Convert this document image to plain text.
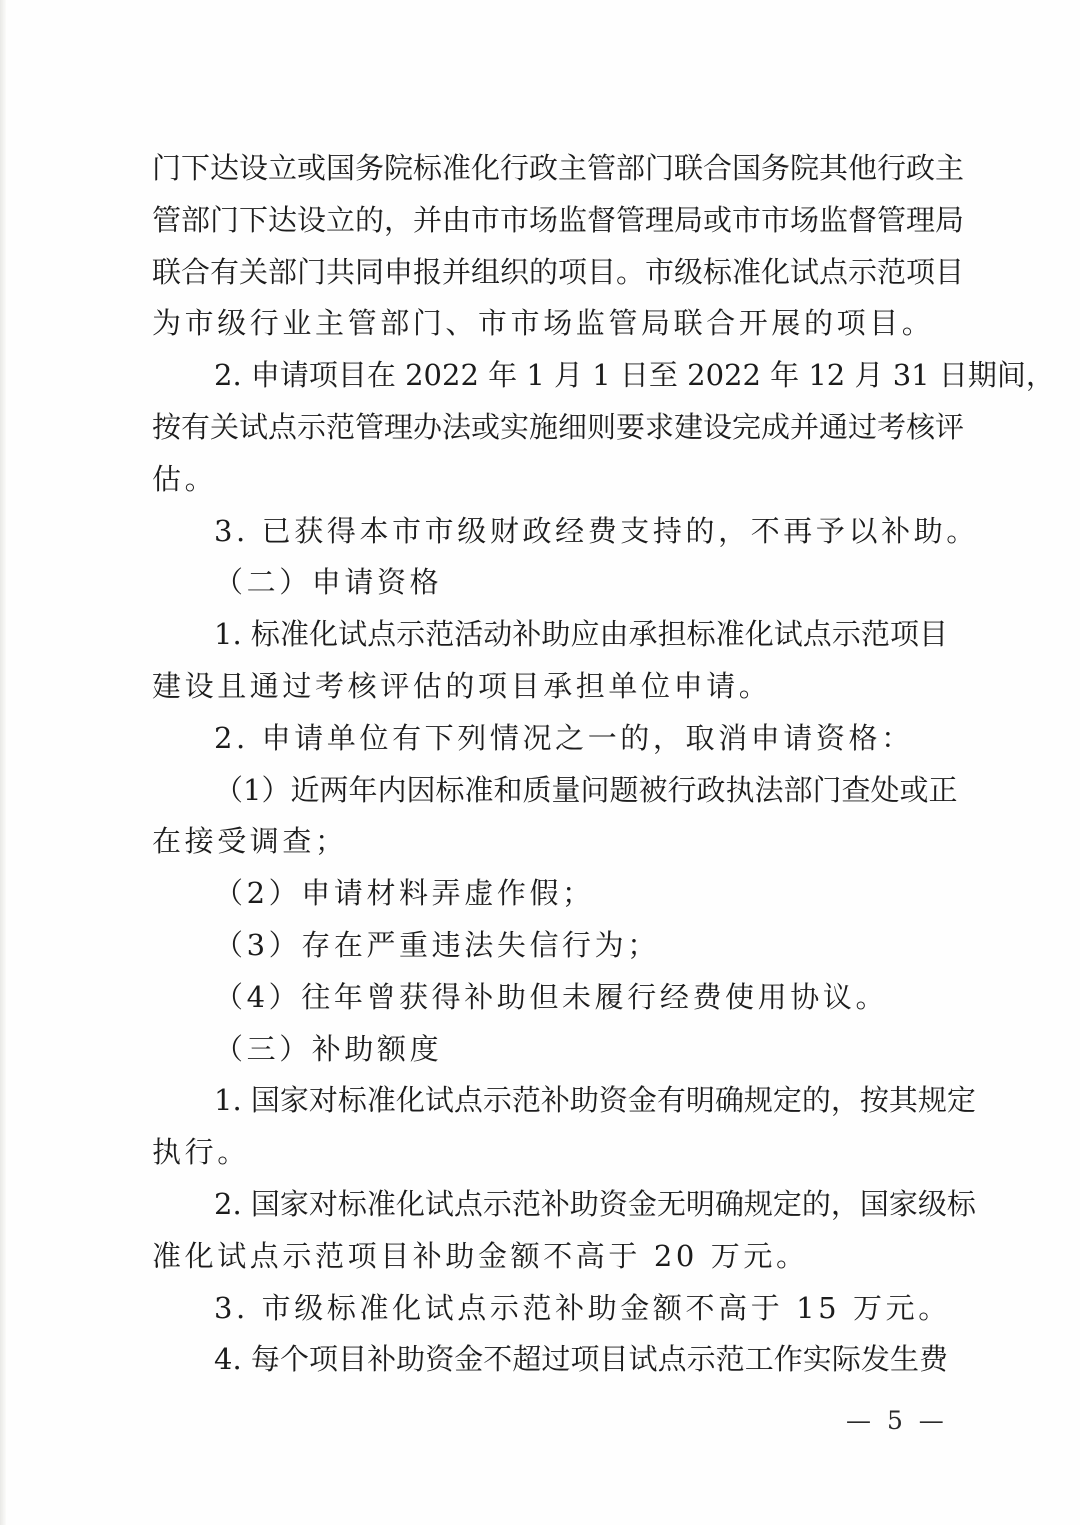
门下达设立或国务院标准化行政主管部门联合国务院其他行政主
管部门下达设立的，并由市市场监督管理局或市市场监督管理局
联合有关部门共同申报并组织的项目。市级标准化试点示范项目
为市级行业主管部门、市市场监管局联合开展的项目。
2. 申请项目在 2022 年 1 月 1 日至 2022 年 12 月 31 日期间，
按有关试点示范管理办法或实施细则要求建设完成并通过考核评
估。
3. 已获得本市市级财政经费支持的，不再予以补助。
（二）申请资格
1. 标准化试点示范活动补助应由承担标准化试点示范项目
建设且通过考核评估的项目承担单位申请。
2. 申请单位有下列情况之一的，取消申请资格：
（1）近两年内因标准和质量问题被行政执法部门查处或正
在接受调查；
（2）申请材料弄虚作假；
（3）存在严重违法失信行为；
（4）往年曾获得补助但未履行经费使用协议。
（三）补助额度
1. 国家对标准化试点示范补助资金有明确规定的，按其规定
执行。
2. 国家对标准化试点示范补助资金无明确规定的，国家级标
准化试点示范项目补助金额不高于 20 万元。
3. 市级标准化试点示范补助金额不高于 15 万元。
4. 每个项目补助资金不超过项目试点示范工作实际发生费
— 5 —
